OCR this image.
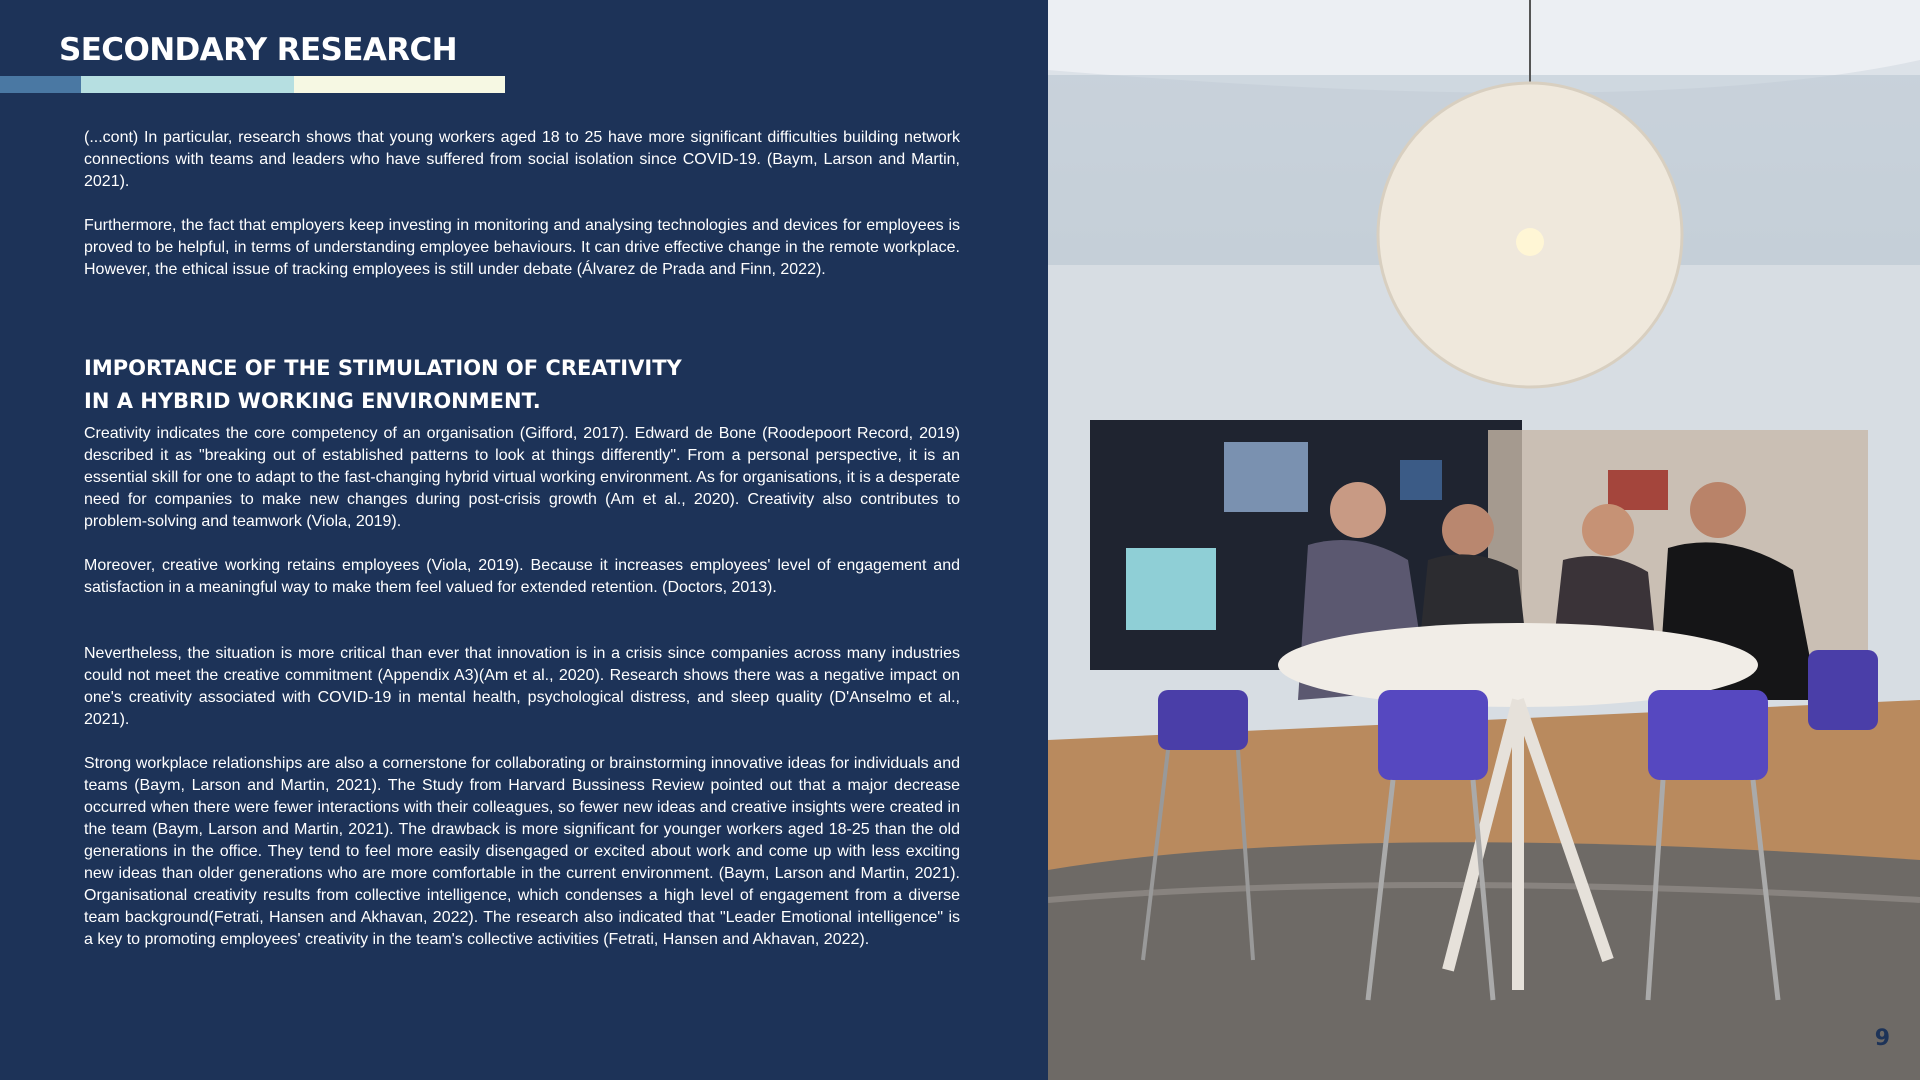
SECONDARY RESEARCH

(...cont) In particular, research shows that young workers aged 18 to 25 have more significant difficulties building network connections with teams and leaders who have suffered from social isolation since COVID-19. (Baym, Larson and Martin, 2021).

Furthermore, the fact that employers keep investing in monitoring and analysing technologies and devices for employees is proved to be helpful, in terms of understanding employee behaviours. It can drive effective change in the remote workplace. However, the ethical issue of tracking employees is still under debate (Álvarez de Prada and Finn, 2022).

IMPORTANCE OF THE STIMULATION OF CREATIVITY
IN A HYBRID WORKING ENVIRONMENT.

Creativity indicates the core competency of an organisation (Gifford, 2017). Edward de Bone (Roodepoort Record, 2019) described it as "breaking out of established patterns to look at things differently". From a personal perspective, it is an essential skill for one to adapt to the fast-changing hybrid virtual working environment. As for organisations, it is a desperate need for companies to make new changes during post-crisis growth (Am et al., 2020). Creativity also contributes to problem-solving and teamwork (Viola, 2019).

Moreover, creative working retains employees (Viola, 2019). Because it increases employees' level of engagement and satisfaction in a meaningful way to make them feel valued for extended retention. (Doctors, 2013).

Nevertheless, the situation is more critical than ever that innovation is in a crisis since companies across many industries could not meet the creative commitment (Appendix A3)(Am et al., 2020). Research shows there was a negative impact on one's creativity associated with COVID-19 in mental health, psychological distress, and sleep quality (D'Anselmo et al., 2021).

Strong workplace relationships are also a cornerstone for collaborating or brainstorming innovative ideas for individuals and teams (Baym, Larson and Martin, 2021). The Study from Harvard Bussiness Review pointed out that a major decrease occurred when there were fewer interactions with their colleagues, so fewer new ideas and creative insights were created in the team (Baym, Larson and Martin, 2021). The drawback is more significant for younger workers aged 18-25 than the old generations in the office. They tend to feel more easily disengaged or excited about work and come up with less exciting new ideas than older generations who are more comfortable in the current environment. (Baym, Larson and Martin, 2021). Organisational creativity results from collective intelligence, which condenses a high level of engagement from a diverse team background(Fetrati, Hansen and Akhavan, 2022). The research also indicated that "Leader Emotional intelligence" is a key to promoting employees' creativity in the team's collective activities (Fetrati, Hansen and Akhavan, 2022).

9
